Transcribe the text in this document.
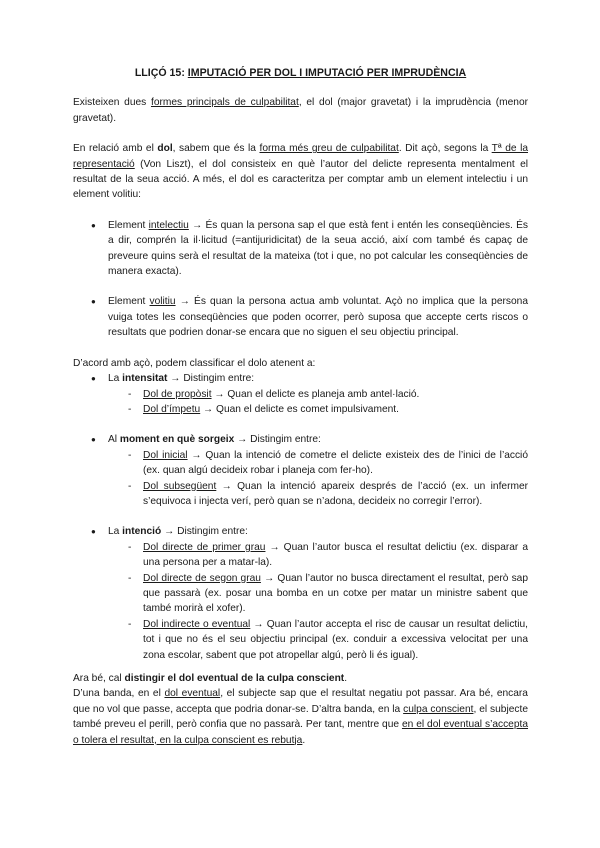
LLIÇÓ 15: IMPUTACIÓ PER DOL I IMPUTACIÓ PER IMPRUDÈNCIA

Existeixen dues formes principals de culpabilitat, el dol (major gravetat) i la imprudència (menor gravetat).

En relació amb el dol, sabem que és la forma més greu de culpabilitat. Dit açò, segons la Tª de la representació (Von Liszt), el dol consisteix en què l’autor del delicte representa mentalment el resultat de la seua acció. A més, el dol es caracteritza per comptar amb un element intelectiu i un element volitiu:

● Element intelectiu → És quan la persona sap el que està fent i entén les conseqüències. És a dir, comprén la il·licitud (=antijuridicitat) de la seua acció, així com també és capaç de preveure quins serà el resultat de la mateixa (tot i que, no pot calcular les conseqüències de manera exacta).
● Element volitiu → És quan la persona actua amb voluntat. Açò no implica que la persona vuiga totes les conseqüències que poden ocorrer, però suposa que accepte certs riscos o resultats que podrien donar-se encara que no siguen el seu objectiu principal.

D’acord amb açò, podem classificar el dolo atenent a:

● La intensitat → Distingim entre:
- Dol de propòsit → Quan el delicte es planeja amb antel·lació.
- Dol d’ímpetu → Quan el delicte es comet impulsivament.
● Al moment en què sorgeix → Distingim entre:
- Dol inicial → Quan la intenció de cometre el delicte existeix des de l’inici de l’acció (ex. quan algú decideix robar i planeja com fer-ho).
- Dol subsegüent → Quan la intenció apareix després de l’acció (ex. un infermer s’equivoca i injecta verí, però quan se n’adona, decideix no corregir l’error).
● La intenció → Distingim entre:
- Dol directe de primer grau → Quan l’autor busca el resultat delictiu (ex. disparar a una persona per a matar-la).
- Dol directe de segon grau → Quan l’autor no busca directament el resultat, però sap que passarà (ex. posar una bomba en un cotxe per matar un ministre sabent que també morirà el xofer).
- Dol indirecte o eventual → Quan l’autor accepta el risc de causar un resultat delictiu, tot i que no és el seu objectiu principal (ex. conduir a excessiva velocitat per una zona escolar, sabent que pot atropellar algú, però li és igual).

Ara bé, cal distingir el dol eventual de la culpa conscient.

D’una banda, en el dol eventual, el subjecte sap que el resultat negatiu pot passar. Ara bé, encara que no vol que passe, accepta que podria donar-se. D’altra banda, en la culpa conscient, el subjecte també preveu el perill, però confia que no passarà. Per tant, mentre que en el dol eventual s’accepta o tolera el resultat, en la culpa conscient es rebutja.
